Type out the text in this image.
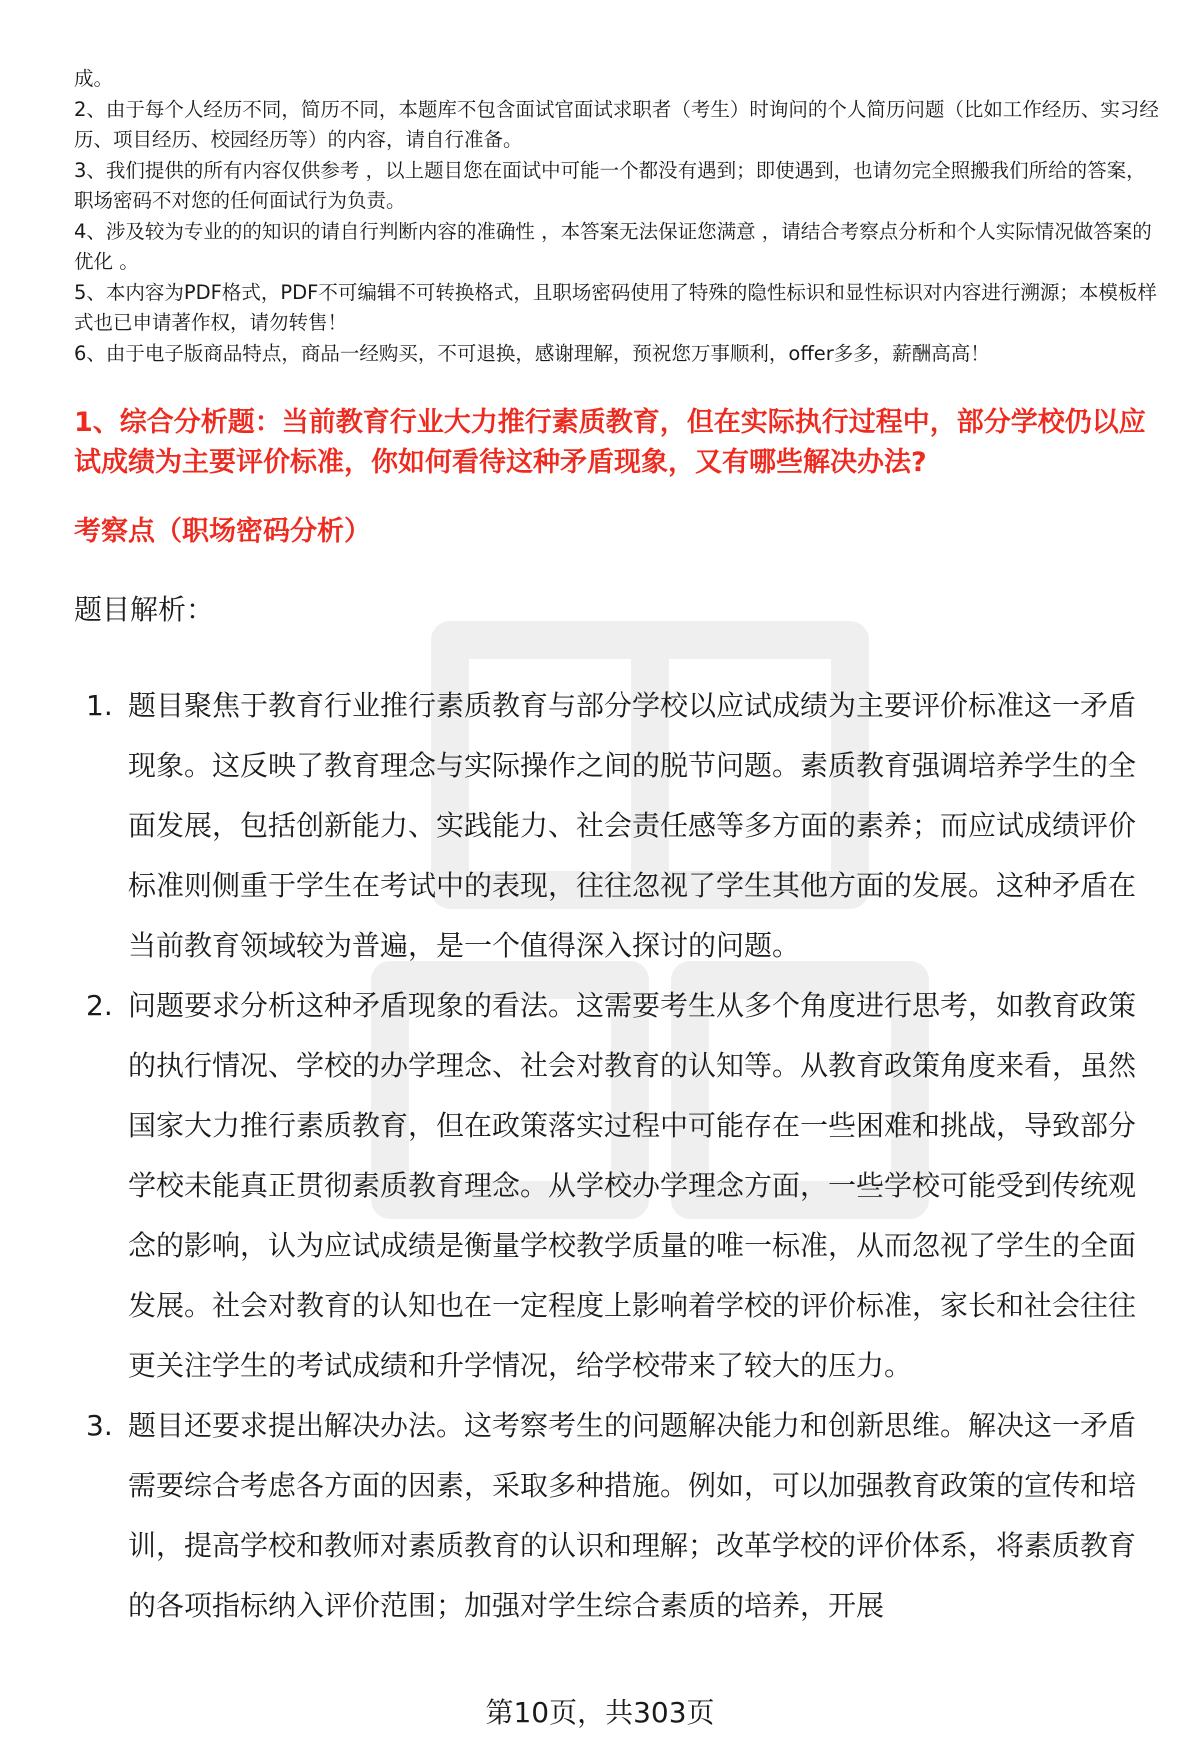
成。

2、由于每个人经历不同，简历不同，本题库不包含面试官面试求职者（考生）时询问的个人简历问题（比如工作经历、实习经历、项目经历、校园经历等）的内容，请自行准备。

3、我们提供的所有内容仅供参考 ，以上题目您在面试中可能一个都没有遇到；即使遇到，也请勿完全照搬我们所给的答案，职场密码不对您的任何面试行为负责。

4、涉及较为专业的的知识的请自行判断内容的准确性 ，本答案无法保证您满意 ，请结合考察点分析和个人实际情况做答案的优化 。

5、本内容为PDF格式，PDF不可编辑不可转换格式，且职场密码使用了特殊的隐性标识和显性标识对内容进行溯源；本模板样式也已申请著作权，请勿转售！

6、由于电子版商品特点，商品一经购买，不可退换，感谢理解，预祝您万事顺利，offer多多，薪酬高高！

1、综合分析题：当前教育行业大力推行素质教育，但在实际执行过程中，部分学校仍以应试成绩为主要评价标准，你如何看待这种矛盾现象，又有哪些解决办法?
考察点（职场密码分析）

题目解析：

1. 题目聚焦于教育行业推行素质教育与部分学校以应试成绩为主要评价标准这一矛盾现象。这反映了教育理念与实际操作之间的脱节问题。素质教育强调培养学生的全面发展，包括创新能力、实践能力、社会责任感等多方面的素养；而应试成绩评价标准则侧重于学生在考试中的表现，往往忽视了学生其他方面的发展。这种矛盾在当前教育领域较为普遍，是一个值得深入探讨的问题。
2. 问题要求分析这种矛盾现象的看法。这需要考生从多个角度进行思考，如教育政策的执行情况、学校的办学理念、社会对教育的认知等。从教育政策角度来看，虽然国家大力推行素质教育，但在政策落实过程中可能存在一些困难和挑战，导致部分学校未能真正贯彻素质教育理念。从学校办学理念方面，一些学校可能受到传统观念的影响，认为应试成绩是衡量学校教学质量的唯一标准，从而忽视了学生的全面发展。社会对教育的认知也在一定程度上影响着学校的评价标准，家长和社会往往更关注学生的考试成绩和升学情况，给学校带来了较大的压力。
3. 题目还要求提出解决办法。这考察考生的问题解决能力和创新思维。解决这一矛盾需要综合考虑各方面的因素，采取多种措施。例如，可以加强教育政策的宣传和培训，提高学校和教师对素质教育的认识和理解；改革学校的评价体系，将素质教育的各项指标纳入评价范围；加强对学生综合素质的培养，开展
第10页，共303页
